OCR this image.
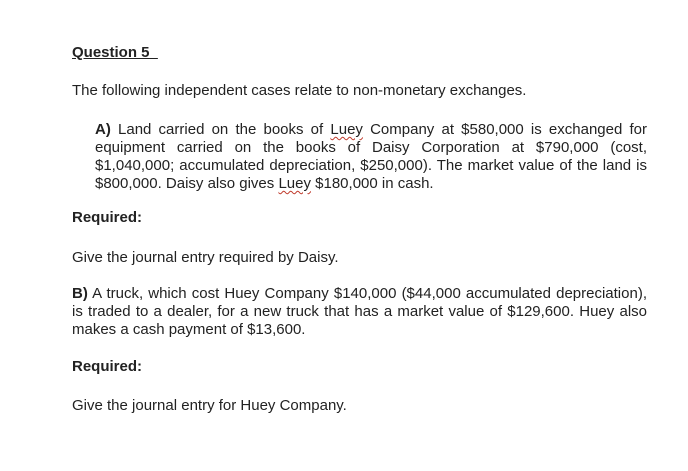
Question 5
The following independent cases relate to non-monetary exchanges.
A) Land carried on the books of Luey Company at $580,000 is exchanged for equipment carried on the books of Daisy Corporation at $790,000 (cost, $1,040,000; accumulated depreciation, $250,000). The market value of the land is $800,000. Daisy also gives Luey $180,000 in cash.
Required:
Give the journal entry required by Daisy.
B) A truck, which cost Huey Company $140,000 ($44,000 accumulated depreciation), is traded to a dealer, for a new truck that has a market value of $129,600. Huey also makes a cash payment of $13,600.
Required:
Give the journal entry for Huey Company.
